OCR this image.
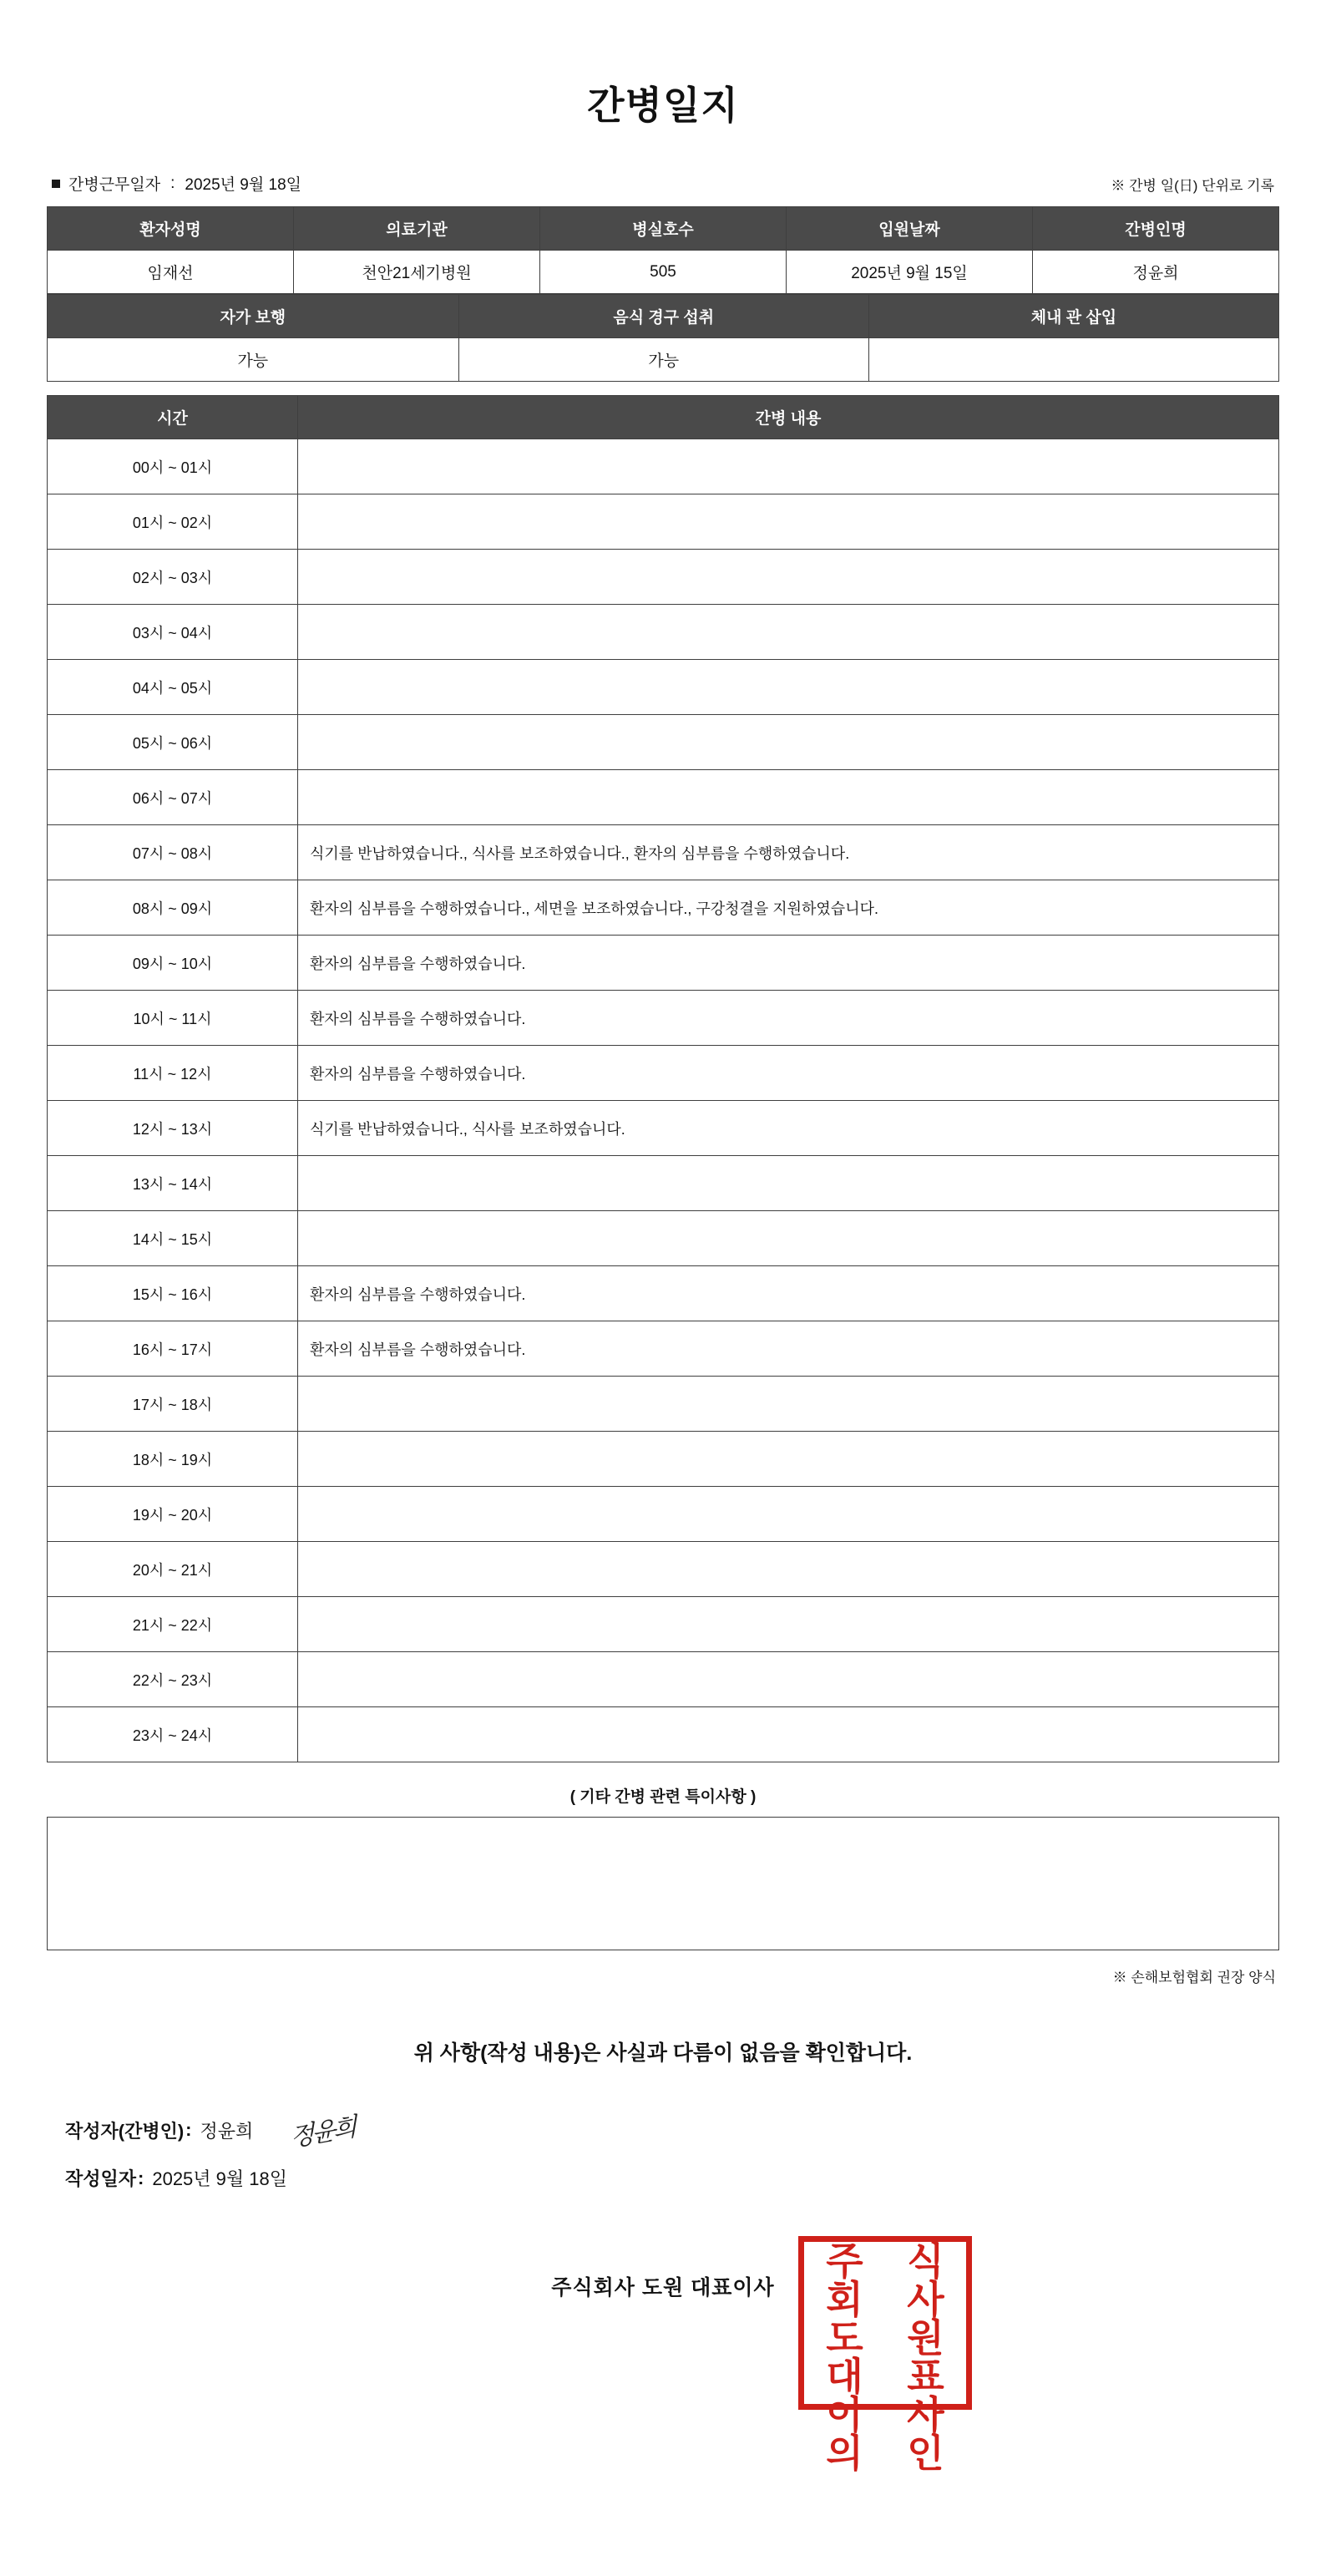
간병일지
간병근무일자 : 2025년 9월 18일	※ 간병 일(日) 단위로 기록
환자성명	의료기관	병실호수	입원날짜	간병인명
임재선	천안21세기병원	505	2025년 9월 15일	정윤희
자가 보행	음식 경구 섭취	체내 관 삽입
가능	가능	
시간	간병 내용
00시 ~ 01시	
01시 ~ 02시	
02시 ~ 03시	
03시 ~ 04시	
04시 ~ 05시	
05시 ~ 06시	
06시 ~ 07시	
07시 ~ 08시	식기를 반납하였습니다., 식사를 보조하였습니다., 환자의 심부름을 수행하였습니다.
08시 ~ 09시	환자의 심부름을 수행하였습니다., 세면을 보조하였습니다., 구강청결을 지원하였습니다.
09시 ~ 10시	환자의 심부름을 수행하였습니다.
10시 ~ 11시	환자의 심부름을 수행하였습니다.
11시 ~ 12시	환자의 심부름을 수행하였습니다.
12시 ~ 13시	식기를 반납하였습니다., 식사를 보조하였습니다.
13시 ~ 14시	
14시 ~ 15시	
15시 ~ 16시	환자의 심부름을 수행하였습니다.
16시 ~ 17시	환자의 심부름을 수행하였습니다.
17시 ~ 18시	
18시 ~ 19시	
19시 ~ 20시	
20시 ~ 21시	
21시 ~ 22시	
22시 ~ 23시	
23시 ~ 24시	
( 기타 간병 관련 특이사항 )
※ 손해보험협회 권장 양식
위 사항(작성 내용)은 사실과 다름이 없음을 확인합니다.
작성자(간병인) : 정윤희 정윤희
작성일자 : 2025년 9월 18일
주식회사 도원 대표이사
주 식
회 사
도 원
대 표
이 사
의 인
